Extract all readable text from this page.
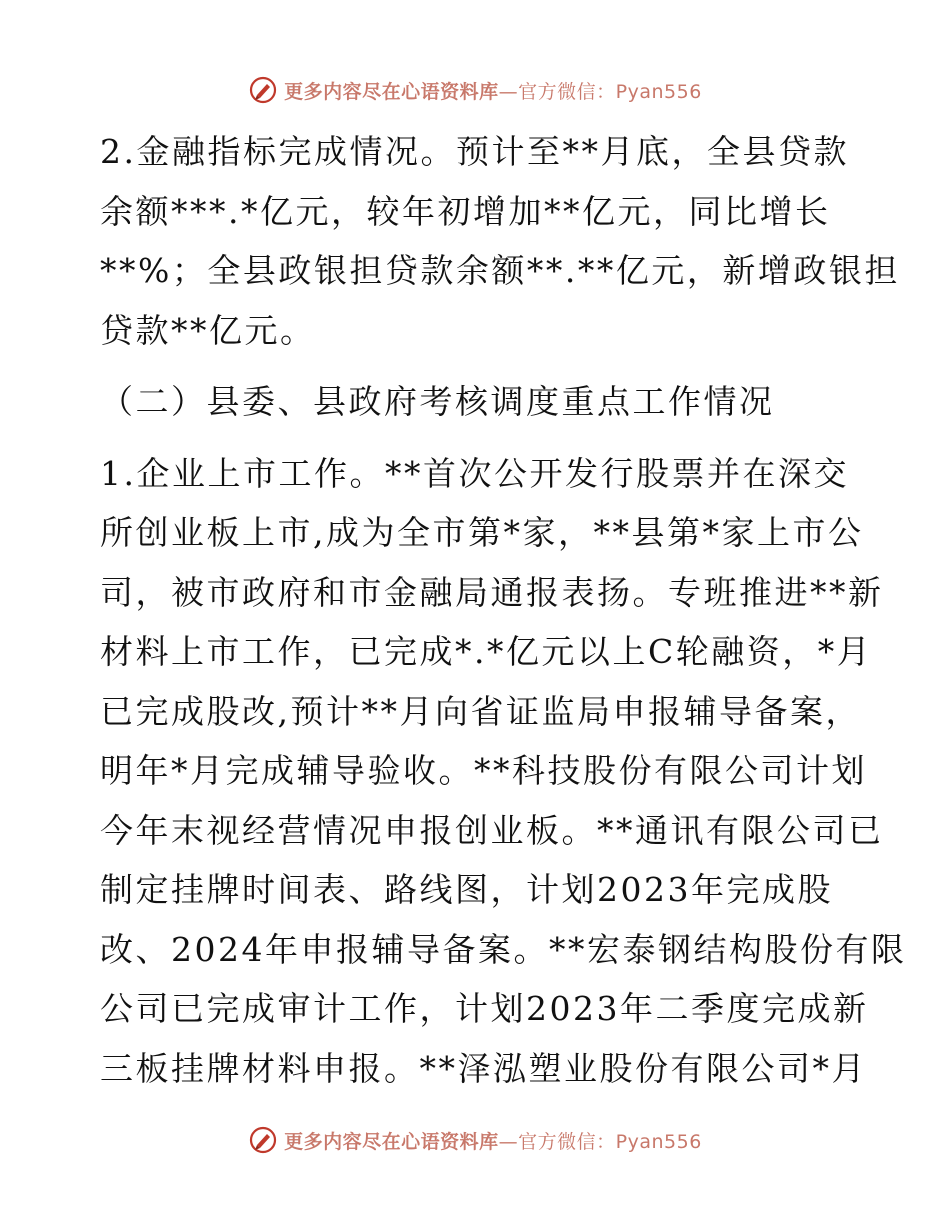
更多内容尽在心语资料库—官方微信：Pyan556
2.金融指标完成情况。预计至**月底，全县贷款
余额***.*亿元，较年初增加**亿元，同比增长
**%；全县政银担贷款余额**.**亿元，新增政银担
贷款**亿元。
（二）县委、县政府考核调度重点工作情况
1.企业上市工作。**首次公开发行股票并在深交
所创业板上市,成为全市第*家，**县第*家上市公
司，被市政府和市金融局通报表扬。专班推进**新
材料上市工作，已完成*.*亿元以上C轮融资，*月
已完成股改,预计**月向省证监局申报辅导备案，
明年*月完成辅导验收。**科技股份有限公司计划
今年末视经营情况申报创业板。**通讯有限公司已
制定挂牌时间表、路线图，计划2023年完成股
改、2024年申报辅导备案。**宏泰钢结构股份有限
公司已完成审计工作，计划2023年二季度完成新
三板挂牌材料申报。**泽泓塑业股份有限公司*月
更多内容尽在心语资料库—官方微信：Pyan556
